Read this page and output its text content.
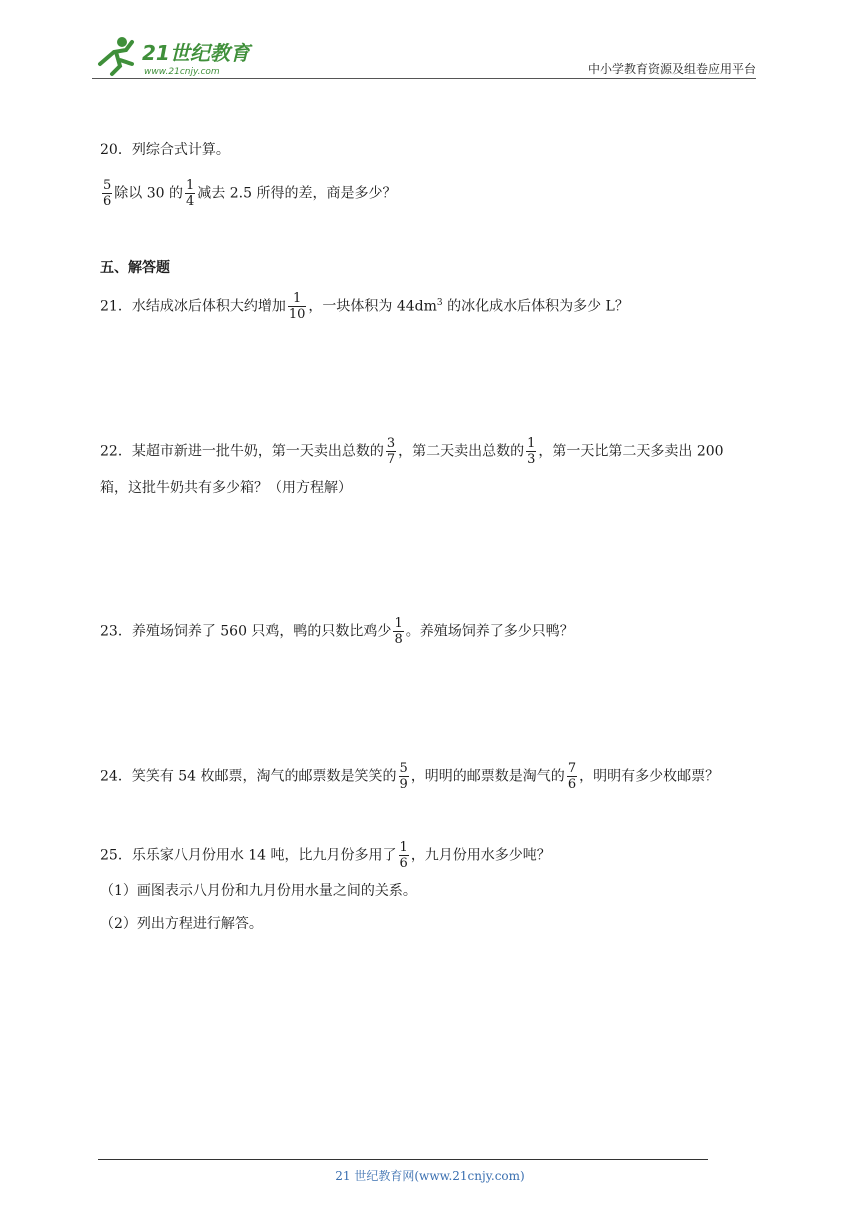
21世纪教育
www.21cnjy.com	中小学教育资源及组卷应用平台
20．列综合式计算。
$\frac{5}{6}$ 除以 30 的 $\frac{1}{4}$ 减去 2.5 所得的差，商是多少？
五、解答题
21．水结成冰后体积大约增加 $\frac{1}{10}$ ，一块体积为 $44dm^3$ 的冰化成水后体积为多少 L？
22．某超市新进一批牛奶，第一天卖出总数的 $\frac{3}{7}$ ，第二天卖出总数的 $\frac{1}{3}$ ，第一天比第二天多卖出 200
箱，这批牛奶共有多少箱？（用方程解）
23．养殖场饲养了 560 只鸡，鸭的只数比鸡少 $\frac{1}{8}$ 。养殖场饲养了多少只鸭？
24．笑笑有 54 枚邮票，淘气的邮票数是笑笑的 $\frac{5}{9}$ ，明明的邮票数是淘气的 $\frac{7}{6}$ ，明明有多少枚邮票？
25．乐乐家八月份用水 14 吨，比九月份多用了 $\frac{1}{6}$ ，九月份用水多少吨？
（1）画图表示八月份和九月份用水量之间的关系。
（2）列出方程进行解答。
21 世纪教育网(www.21cnjy.com)
